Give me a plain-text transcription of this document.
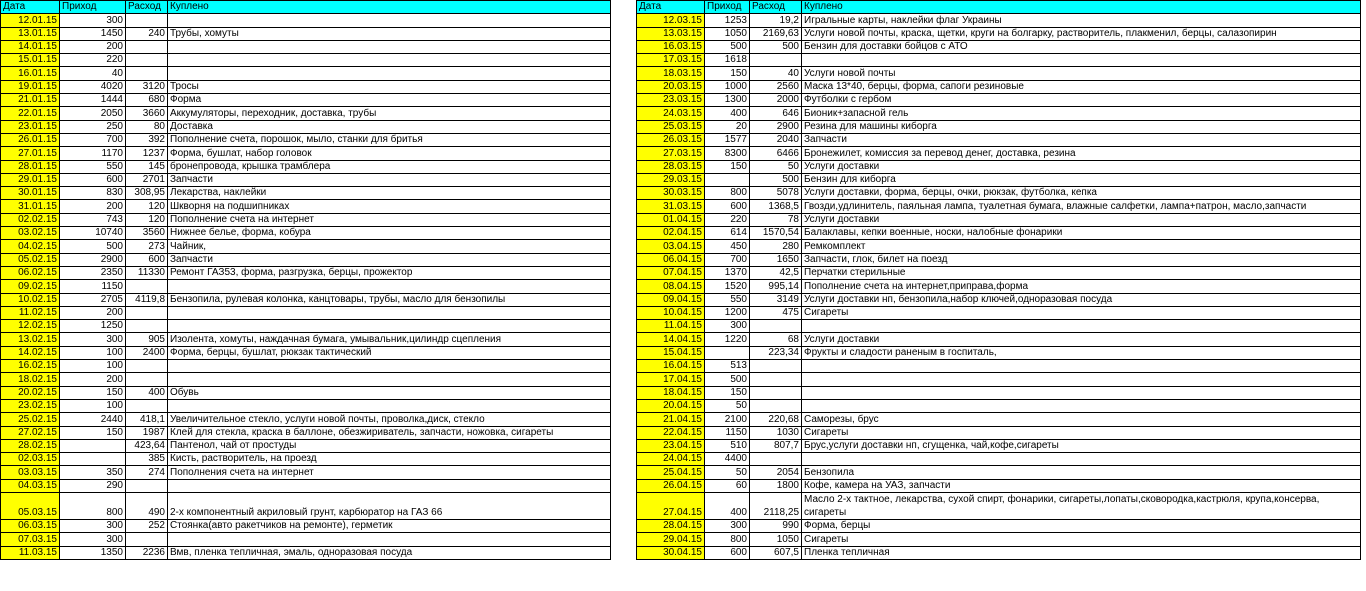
Дата	Приход	Расход	Куплено
12.01.15	300		
13.01.15	1450	240	Трубы, хомуты
14.01.15	200		
15.01.15	220		
16.01.15	40		
19.01.15	4020	3120	Тросы
21.01.15	1444	680	Форма
22.01.15	2050	3660	Аккумуляторы, переходник, доставка, трубы
23.01.15	250	80	Доставка
26.01.15	700	392	Пополнение счета, порошок, мыло, станки для бритья
27.01.15	1170	1237	Форма, бушлат, набор головок
28.01.15	550	145	бронепровода, крышка трамблера
29.01.15	600	2701	Запчасти
30.01.15	830	308,95	Лекарства, наклейки
31.01.15	200	120	Шкворня на подшипниках
02.02.15	743	120	Пополнение счета на интернет
03.02.15	10740	3560	Нижнее белье, форма, кобура
04.02.15	500	273	Чайник,
05.02.15	2900	600	Запчасти
06.02.15	2350	11330	Ремонт ГАЗ53, форма, разгрузка, берцы, прожектор
09.02.15	1150		
10.02.15	2705	4119,8	Бензопила, рулевая колонка, канцтовары, трубы, масло для бензопилы
11.02.15	200		
12.02.15	1250		
13.02.15	300	905	Изолента, хомуты, наждачная бумага, умывальник,цилиндр сцепления
14.02.15	100	2400	Форма, берцы, бушлат, рюкзак тактический
16.02.15	100		
18.02.15	200		
20.02.15	150	400	Обувь
23.02.15	100		
25.02.15	2440	418,1	Увеличительное стекло, услуги новой почты, проволка,диск, стекло
27.02.15	150	1987	Клей для стекла, краска в баллоне, обезжириватель, запчасти, ножовка, сигареты
28.02.15		423,64	Пантенол, чай от простуды
02.03.15		385	Кисть, растворитель, на проезд
03.03.15	350	274	Пополнения счета на интернет
04.03.15	290		
05.03.15	800	490	2-х компонентный акриловый грунт, карбюратор на ГАЗ 66
06.03.15	300	252	Стоянка(авто ракетчиков на ремонте), герметик
07.03.15	300		
11.03.15	1350	2236	Вмв, пленка тепличная, эмаль, одноразовая посуда
Дата	Приход	Расход	Куплено
12.03.15	1253	19,2	Игральные карты, наклейки флаг Украины
13.03.15	1050	2169,63	Услуги новой почты, краска, щетки, круги на болгарку, растворитель, плакменил, берцы, салазопирин
16.03.15	500	500	Бензин для доставки бойцов с АТО
17.03.15	1618		
18.03.15	150	40	Услуги новой почты
20.03.15	1000	2560	Маска 13*40, берцы, форма, сапоги резиновые
23.03.15	1300	2000	Футболки с гербом
24.03.15	400	646	Бионик+запасной гель
25.03.15	20	2900	Резина для машины киборга
26.03.15	1577	2040	Запчасти
27.03.15	8300	6466	Бронежилет, комиссия за перевод денег, доставка, резина
28.03.15	150	50	Услуги доставки
29.03.15		500	Бензин для киборга
30.03.15	800	5078	Услуги доставки, форма, берцы, очки, рюкзак, футболка, кепка
31.03.15	600	1368,5	Гвозди,удлинитель, паяльная лампа, туалетная бумага, влажные салфетки, лампа+патрон, масло,запчасти
01.04.15	220	78	Услуги доставки
02.04.15	614	1570,54	Балаклавы, кепки военные, носки, налобные фонарики
03.04.15	450	280	Ремкомплект
06.04.15	700	1650	Запчасти, глок, билет на поезд
07.04.15	1370	42,5	Перчатки стерильные
08.04.15	1520	995,14	Пополнение счета на интернет,приправа,форма
09.04.15	550	3149	Услуги доставки нп, бензопила,набор ключей,одноразовая посуда
10.04.15	1200	475	Сигареты
11.04.15	300		
14.04.15	1220	68	Услуги доставки
15.04.15		223,34	Фрукты и сладости раненым в госпиталь,
16.04.15	513		
17.04.15	500		
18.04.15	150		
20.04.15	50		
21.04.15	2100	220,68	Саморезы, брус
22.04.15	1150	1030	Сигареты
23.04.15	510	807,7	Брус,услуги доставки нп, сгущенка, чай,кофе,сигареты
24.04.15	4400		
25.04.15	50	2054	Бензопила
26.04.15	60	1800	Кофе, камера на УАЗ, запчасти
27.04.15	400	2118,25	Масло 2-х тактное, лекарства, сухой спирт, фонарики, сигареты,лопаты,сковородка,кастрюля, крупа,консерва, сигареты
28.04.15	300	990	Форма, берцы
29.04.15	800	1050	Сигареты
30.04.15	600	607,5	Пленка тепличная
